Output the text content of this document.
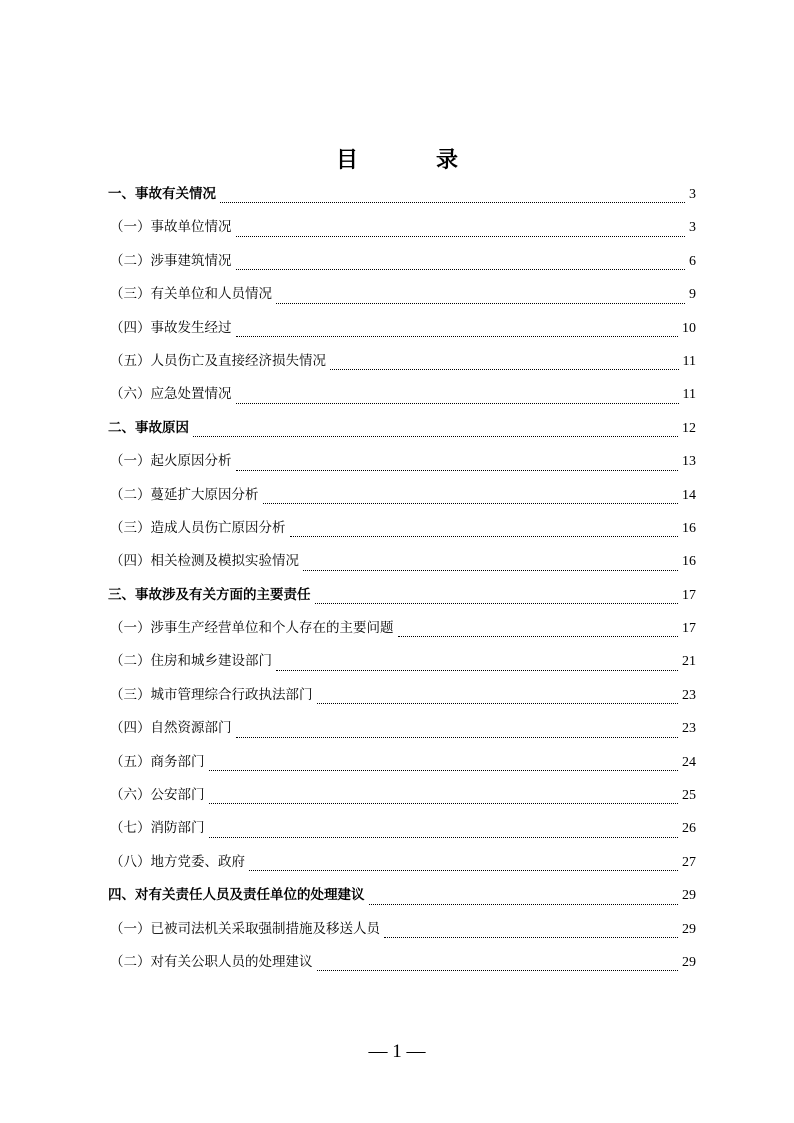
目　录
一、事故有关情况	3
（一）事故单位情况	3
（二）涉事建筑情况	6
（三）有关单位和人员情况	9
（四）事故发生经过	10
（五）人员伤亡及直接经济损失情况	11
（六）应急处置情况	11
二、事故原因	12
（一）起火原因分析	13
（二）蔓延扩大原因分析	14
（三）造成人员伤亡原因分析	16
（四）相关检测及模拟实验情况	16
三、事故涉及有关方面的主要责任	17
（一）涉事生产经营单位和个人存在的主要问题	17
（二）住房和城乡建设部门	21
（三）城市管理综合行政执法部门	23
（四）自然资源部门	23
（五）商务部门	24
（六）公安部门	25
（七）消防部门	26
（八）地方党委、政府	27
四、对有关责任人员及责任单位的处理建议	29
（一）已被司法机关采取强制措施及移送人员	29
（二）对有关公职人员的处理建议	29
— 1 —
